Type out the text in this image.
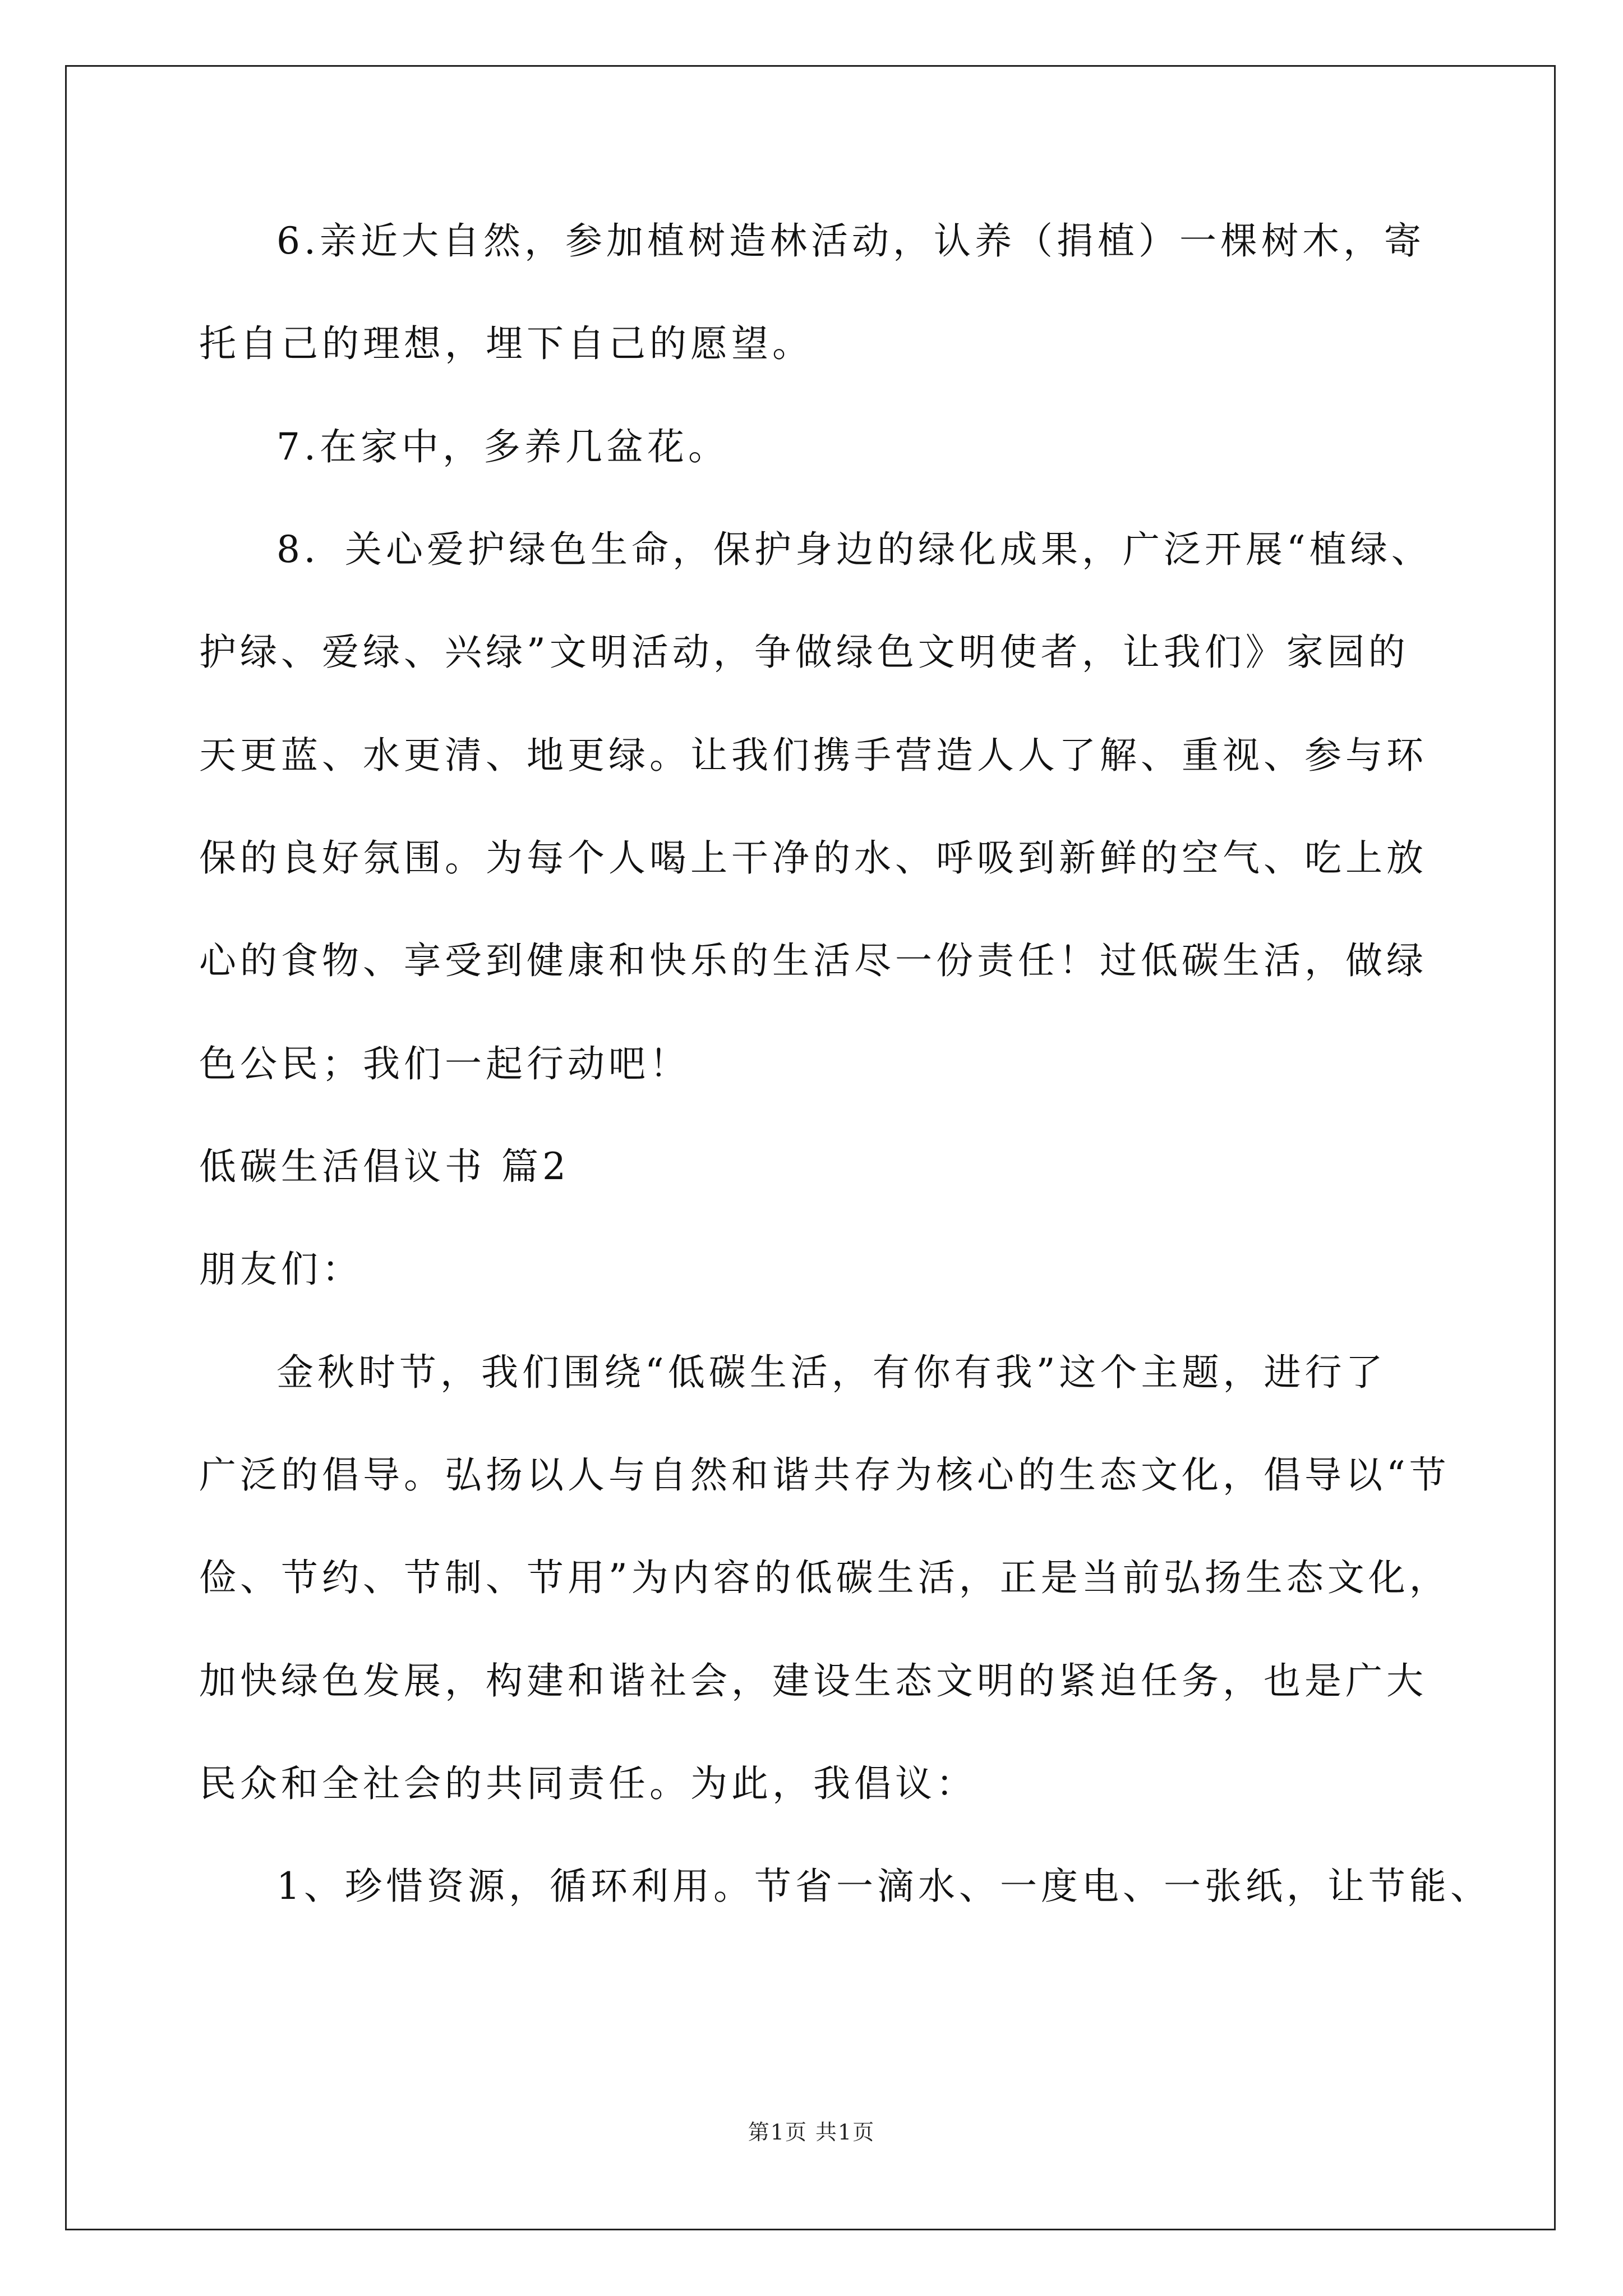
6.亲近大自然，参加植树造林活动，认养（捐植）一棵树木，寄
托自己的理想，埋下自己的愿望。
7.在家中，多养几盆花。
8．关心爱护绿色生命，保护身边的绿化成果，广泛开展“植绿、
护绿、爱绿、兴绿”文明活动，争做绿色文明使者，让我们》家园的
天更蓝、水更清、地更绿。让我们携手营造人人了解、重视、参与环
保的良好氛围。为每个人喝上干净的水、呼吸到新鲜的空气、吃上放
心的食物、享受到健康和快乐的生活尽一份责任！过低碳生活，做绿
色公民；我们一起行动吧！
低碳生活倡议书 篇2
朋友们：
金秋时节，我们围绕“低碳生活，有你有我”这个主题，进行了
广泛的倡导。弘扬以人与自然和谐共存为核心的生态文化，倡导以“节
俭、节约、节制、节用”为内容的低碳生活，正是当前弘扬生态文化，
加快绿色发展，构建和谐社会，建设生态文明的紧迫任务，也是广大
民众和全社会的共同责任。为此，我倡议：
1、珍惜资源，循环利用。节省一滴水、一度电、一张纸，让节能、
第1页 共1页
